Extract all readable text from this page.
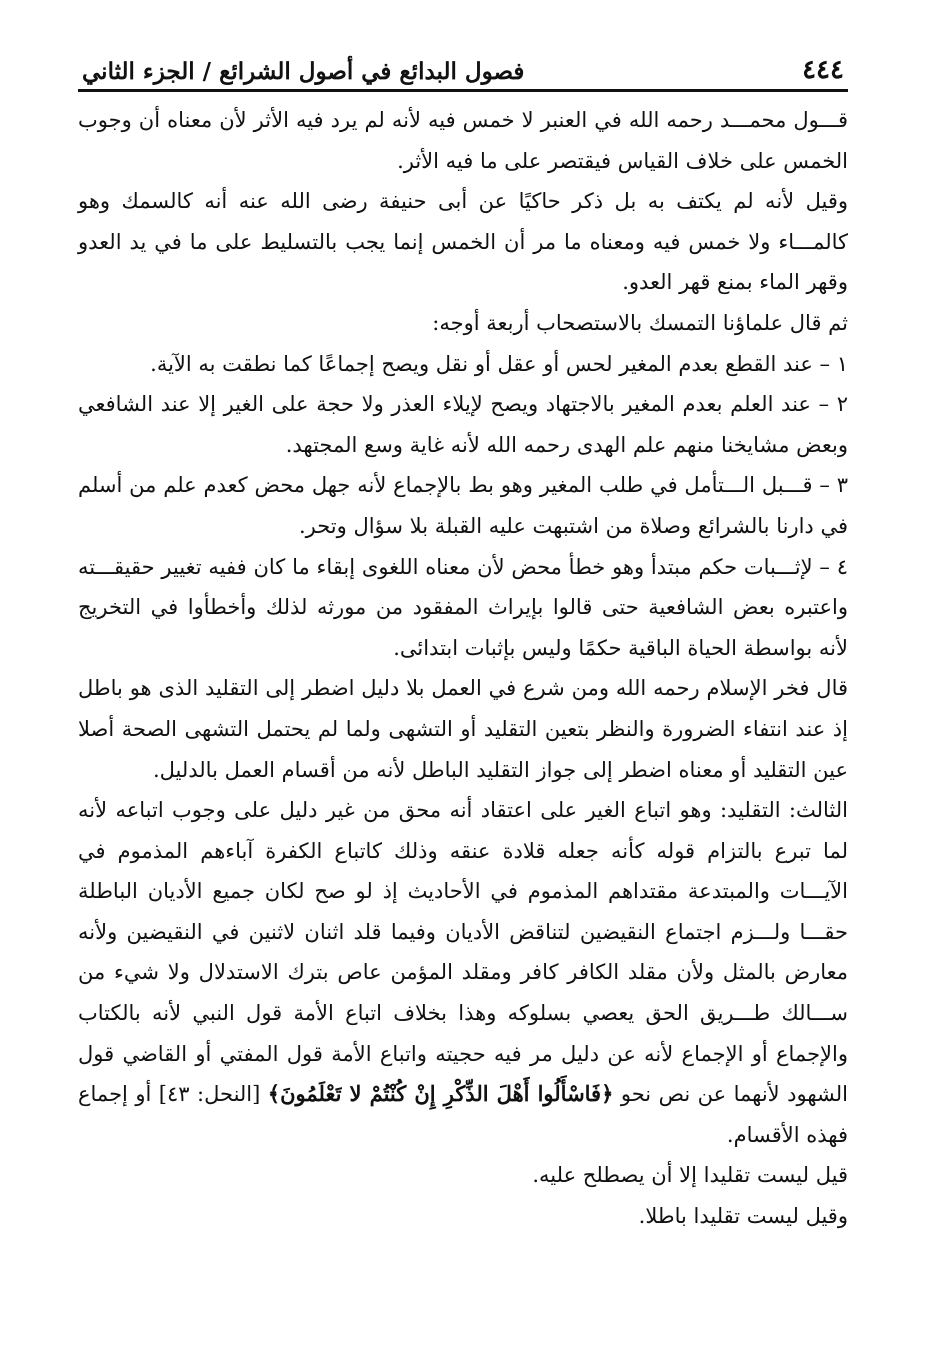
٤٤٤
فصول البدائع في أصول الشرائع / الجزء الثاني

قـــول محمـــد رحمه الله في العنبر لا خمس فيه لأنه لم يرد فيه الأثر لأن معناه أن وجوب الخمس على خلاف القياس فيقتصر على ما فيه الأثر.

وقيل لأنه لم يكتف به بل ذكر حاكيًا عن أبى حنيفة رضى الله عنه أنه كالسمك وهو كالمـــاء ولا خمس فيه ومعناه ما مر أن الخمس إنما يجب بالتسليط على ما في يد العدو وقهر الماء بمنع قهر العدو.

ثم قال علماؤنا التمسك بالاستصحاب أربعة أوجه:

١ – عند القطع بعدم المغير لحس أو عقل أو نقل ويصح إجماعًا كما نطقت به الآية.

٢ – عند العلم بعدم المغير بالاجتهاد ويصح لإيلاء العذر ولا حجة على الغير إلا عند الشافعي وبعض مشايخنا منهم علم الهدى رحمه الله لأنه غاية وسع المجتهد.

٣ – قـــبل الـــتأمل في طلب المغير وهو بط بالإجماع لأنه جهل محض كعدم علم من أسلم في دارنا بالشرائع وصلاة من اشتبهت عليه القبلة بلا سؤال وتحر.

٤ – لإثـــبات حكم مبتدأ وهو خطأ محض لأن معناه اللغوى إبقاء ما كان ففيه تغيير حقيقـــته واعتبره بعض الشافعية حتى قالوا بإيراث المفقود من مورثه لذلك وأخطأوا في التخريج لأنه بواسطة الحياة الباقية حكمًا وليس بإثبات ابتدائى.

قال فخر الإسلام رحمه الله ومن شرع في العمل بلا دليل اضطر إلى التقليد الذى هو باطل إذ عند انتفاء الضرورة والنظر بتعين التقليد أو التشهى ولما لم يحتمل التشهى الصحة أصلا عين التقليد أو معناه اضطر إلى جواز التقليد الباطل لأنه من أقسام العمل بالدليل.

الثالث: التقليد: وهو اتباع الغير على اعتقاد أنه محق من غير دليل على وجوب اتباعه لأنه لما تبرع بالتزام قوله كأنه جعله قلادة عنقه وذلك كاتباع الكفرة آباءهم المذموم في الآيـــات والمبتدعة مقتداهم المذموم في الأحاديث إذ لو صح لكان جميع الأديان الباطلة حقـــا ولـــزم اجتماع النقيضين لتناقض الأديان وفيما قلد اثنان لاثنين في النقيضين ولأنه معارض بالمثل ولأن مقلد الكافر كافر ومقلد المؤمن عاص بترك الاستدلال ولا شيء من ســـالك طـــريق الحق يعصي بسلوكه وهذا بخلاف اتباع الأمة قول النبي لأنه بالكتاب والإجماع أو الإجماع لأنه عن دليل مر فيه حجيته واتباع الأمة قول المفتي أو القاضي قول الشهود لأنهما عن نص نحو ﴿فَاسْأَلُوا أَهْلَ الذِّكْرِ إِنْ كُنْتُمْ لا تَعْلَمُونَ﴾ [النحل: ٤٣] أو إجماع فهذه الأقسام.

قيل ليست تقليدا إلا أن يصطلح عليه.

وقيل ليست تقليدا باطلا.
